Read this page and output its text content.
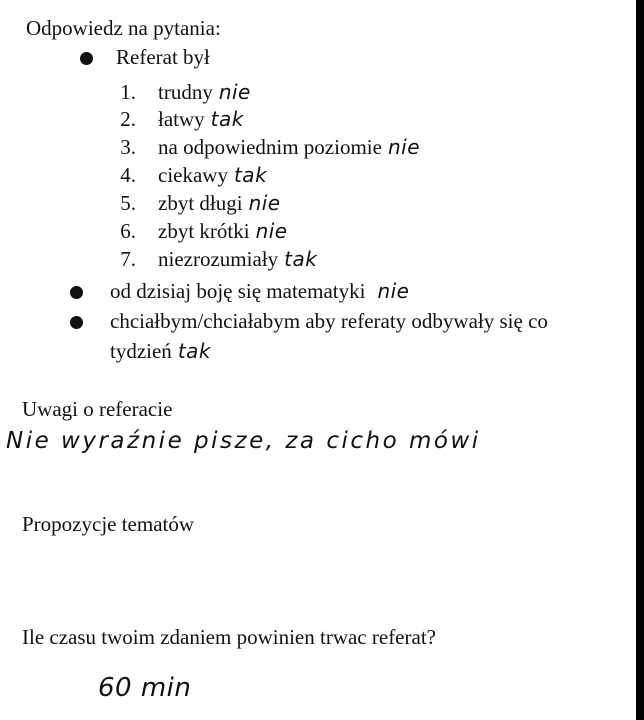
Odpowiedz na pytania:
Referat był
1. trudny nie
2. łatwy tak
3. na odpowiednim poziomie nie
4. ciekawy tak
5. zbyt długi nie
6. zbyt krótki nie
7. niezrozumiały tak
od dzisiaj boję się matematyki nie
chciałbym/chciałabym aby referaty odbywały się co
tydzień tak
Uwagi o referacie
Nie wyraźnie pisze, za cicho mówi
Propozycje tematów
Ile czasu twoim zdaniem powinien trwac referat?
60 min
